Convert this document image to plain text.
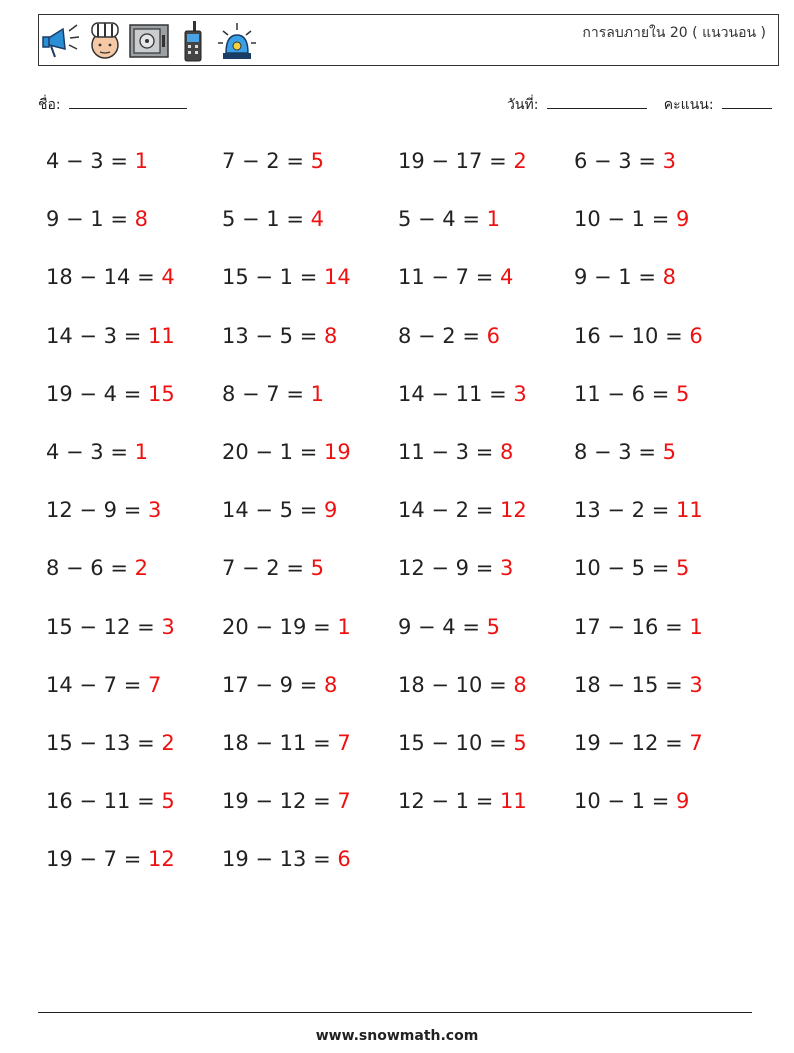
การลบภายใน 20 ( แนวนอน )
ชื่อ:	วันที่:	คะแนน:
4 − 3 = 1	7 − 2 = 5	19 − 17 = 2	6 − 3 = 3
9 − 1 = 8	5 − 1 = 4	5 − 4 = 1	10 − 1 = 9
18 − 14 = 4	15 − 1 = 14	11 − 7 = 4	9 − 1 = 8
14 − 3 = 11	13 − 5 = 8	8 − 2 = 6	16 − 10 = 6
19 − 4 = 15	8 − 7 = 1	14 − 11 = 3	11 − 6 = 5
4 − 3 = 1	20 − 1 = 19	11 − 3 = 8	8 − 3 = 5
12 − 9 = 3	14 − 5 = 9	14 − 2 = 12	13 − 2 = 11
8 − 6 = 2	7 − 2 = 5	12 − 9 = 3	10 − 5 = 5
15 − 12 = 3	20 − 19 = 1	9 − 4 = 5	17 − 16 = 1
14 − 7 = 7	17 − 9 = 8	18 − 10 = 8	18 − 15 = 3
15 − 13 = 2	18 − 11 = 7	15 − 10 = 5	19 − 12 = 7
16 − 11 = 5	19 − 12 = 7	12 − 1 = 11	10 − 1 = 9
19 − 7 = 12	19 − 13 = 6
www.snowmath.com
